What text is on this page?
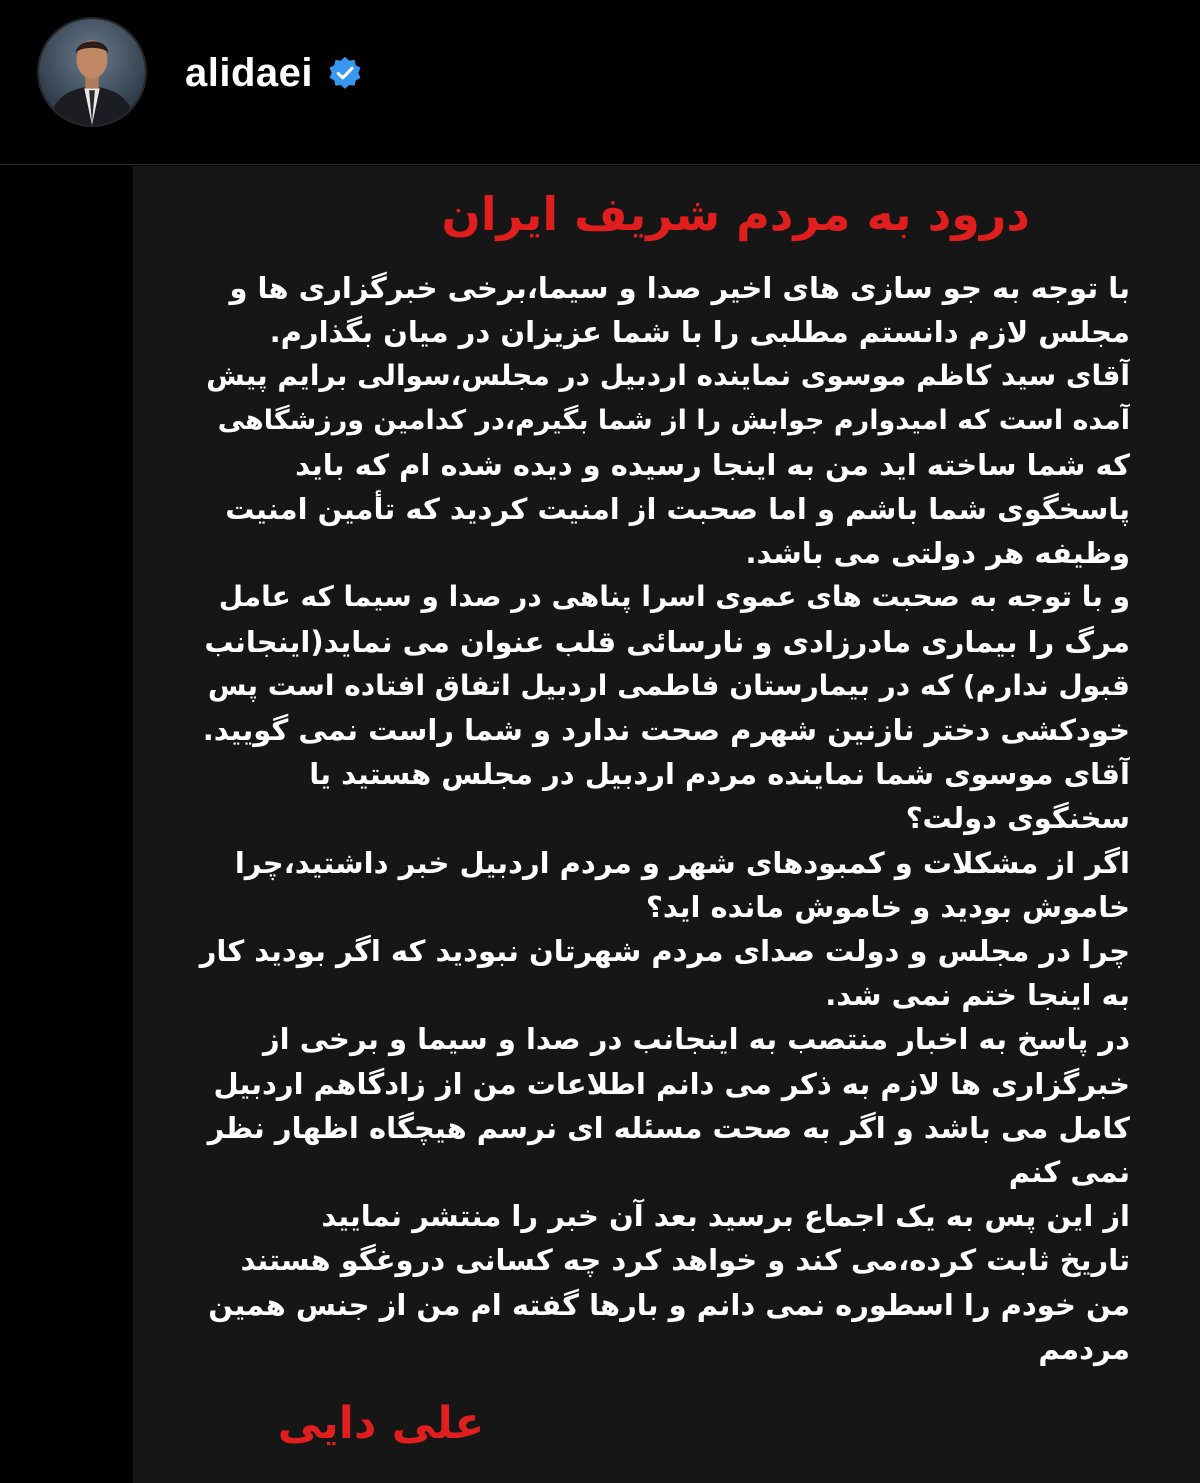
alidaei
درود به مردم شریف ایران
با توجه به جو سازی های اخیر صدا و سیما،برخی خبرگزاری ها و
مجلس لازم دانستم مطلبی را با شما عزیزان در میان بگذارم.
آقای سید کاظم موسوی نماینده اردبیل در مجلس،سوالی برایم پیش
آمده است که امیدوارم جوابش را از شما بگیرم،در کدامین ورزشگاهی
که شما ساخته اید من به اینجا رسیده و دیده شده ام که باید
پاسخگوی شما باشم و اما صحبت از امنیت کردید که تأمین امنیت
وظیفه هر دولتی می باشد.
و با توجه به صحبت های عموی اسرا پناهی در صدا و سیما که عامل
مرگ را بیماری مادرزادی و نارسائی قلب عنوان می نماید(اینجانب
قبول ندارم) که در بیمارستان فاطمی اردبیل اتفاق افتاده است پس
خودکشی دختر نازنین شهرم صحت ندارد و شما راست نمی گویید.
آقای موسوی شما نماینده مردم اردبیل در مجلس هستید یا
سخنگوی دولت؟
اگر از مشکلات و کمبودهای شهر و مردم اردبیل خبر داشتید،چرا
خاموش بودید و خاموش مانده اید؟
چرا در مجلس و دولت صدای مردم شهرتان نبودید که اگر بودید کار
به اینجا ختم نمی شد.
در پاسخ به اخبار منتصب به اینجانب در صدا و سیما و برخی از
خبرگزاری ها لازم به ذکر می دانم اطلاعات من از زادگاهم اردبیل
کامل می باشد و اگر به صحت مسئله ای نرسم هیچگاه اظهار نظر
نمی کنم
از این پس به یک اجماع برسید بعد آن خبر را منتشر نمایید
تاریخ ثابت کرده،می کند و خواهد کرد چه کسانی دروغگو هستند
من خودم را اسطوره نمی دانم و بارها گفته ام من از جنس همین
مردمم
علی دایی
